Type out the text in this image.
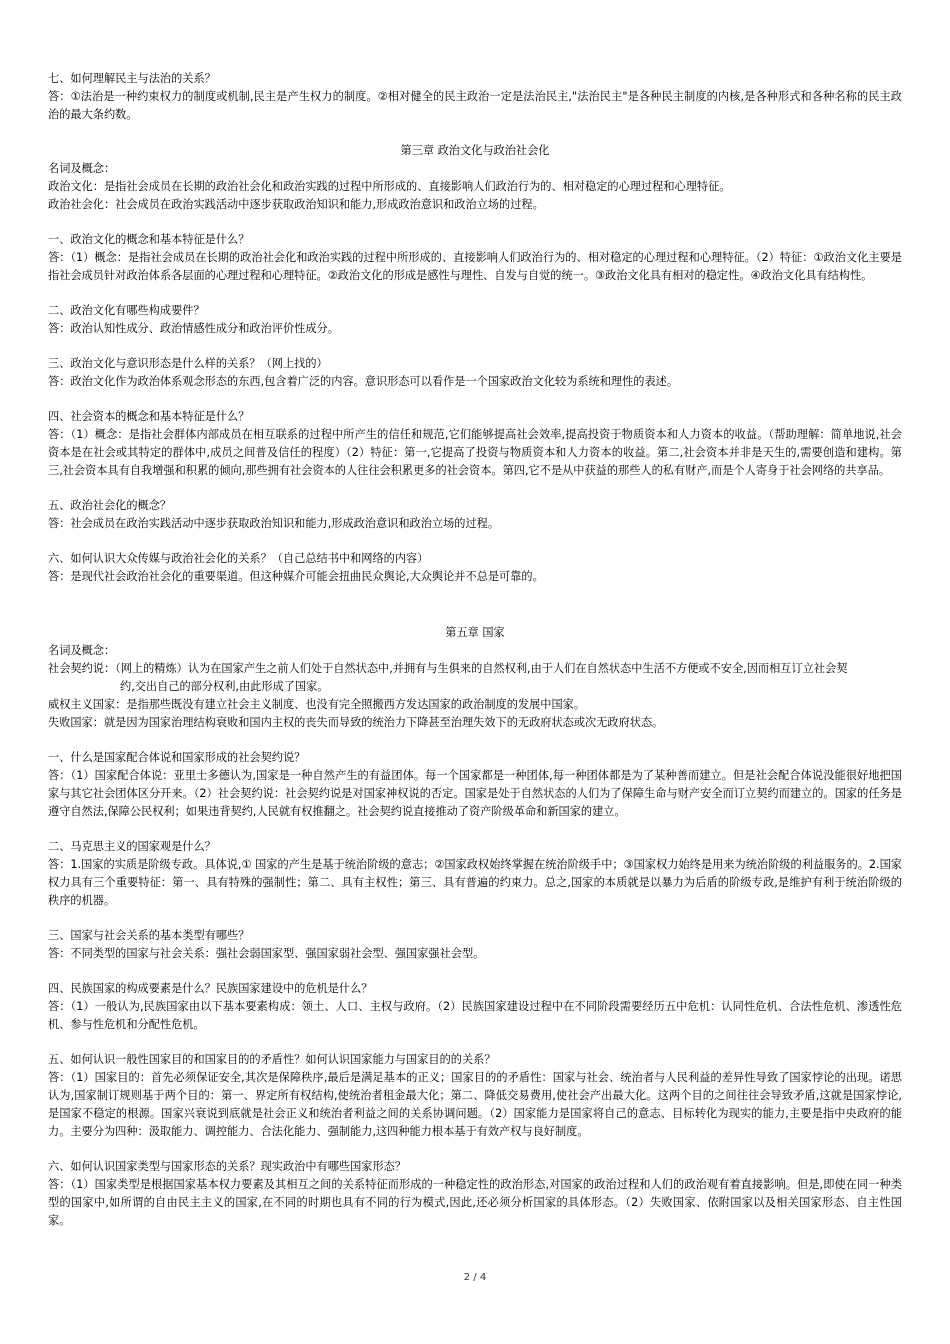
七、如何理解民主与法治的关系？

答：①法治是一种约束权力的制度或机制,民主是产生权力的制度。②相对健全的民主政治一定是法治民主,"法治民主"是各种民主制度的内核,是各种形式和各种名称的民主政治的最大条约数。

第三章 政治文化与政治社会化

名词及概念：

政治文化：是指社会成员在长期的政治社会化和政治实践的过程中所形成的、直接影响人们政治行为的、相对稳定的心理过程和心理特征。

政治社会化：社会成员在政治实践活动中逐步获取政治知识和能力,形成政治意识和政治立场的过程。

一、政治文化的概念和基本特征是什么？

答：（1）概念：是指社会成员在长期的政治社会化和政治实践的过程中所形成的、直接影响人们政治行为的、相对稳定的心理过程和心理特征。（2）特征：①政治文化主要是指社会成员针对政治体系各层面的心理过程和心理特征。②政治文化的形成是感性与理性、自发与自觉的统一。③政治文化具有相对的稳定性。④政治文化具有结构性。

二、政治文化有哪些构成要件？

答：政治认知性成分、政治情感性成分和政治评价性成分。

三、政治文化与意识形态是什么样的关系？（网上找的）

答：政治文化作为政治体系观念形态的东西,包含着广泛的内容。意识形态可以看作是一个国家政治文化较为系统和理性的表述。

四、社会资本的概念和基本特征是什么？

答：（1）概念：是指社会群体内部成员在相互联系的过程中所产生的信任和规范,它们能够提高社会效率,提高投资于物质资本和人力资本的收益。（帮助理解：简单地说,社会资本是在社会或其特定的群体中,成员之间普及信任的程度）（2）特征：第一,它提高了投资与物质资本和人力资本的收益。第二,社会资本并非是天生的,需要创造和建构。第三,社会资本具有自我增强和积累的倾向,那些拥有社会资本的人往往会积累更多的社会资本。第四,它不是从中获益的那些人的私有财产,而是个人寄身于社会网络的共享品。

五、政治社会化的概念？

答：社会成员在政治实践活动中逐步获取政治知识和能力,形成政治意识和政治立场的过程。

六、如何认识大众传媒与政治社会化的关系？（自己总结书中和网络的内容）

答：是现代社会政治社会化的重要渠道。但这种媒介可能会扭曲民众舆论,大众舆论并不总是可靠的。

第五章 国家

名词及概念：

社会契约说：（网上的精炼）认为在国家产生之前人们处于自然状态中,并拥有与生俱来的自然权利,由于人们在自然状态中生活不方便或不安全,因而相互订立社会契

约,交出自己的部分权利,由此形成了国家。

威权主义国家：是指那些既没有建立社会主义制度、也没有完全照搬西方发达国家的政治制度的发展中国家。

失败国家：就是因为国家治理结构衰败和国内主权的丧失而导致的统治力下降甚至治理失效下的无政府状态或次无政府状态。

一、什么是国家配合体说和国家形成的社会契约说？

答：（1）国家配合体说：亚里士多德认为,国家是一种自然产生的有益团体。每一个国家都是一种团体,每一种团体都是为了某种善而建立。但是社会配合体说没能很好地把国家与其它社会团体区分开来。（2）社会契约说：社会契约说是对国家神权说的否定。国家是处于自然状态的人们为了保障生命与财产安全而订立契约而建立的。国家的任务是遵守自然法,保障公民权利；如果违背契约,人民就有权推翻之。社会契约说直接推动了资产阶级革命和新国家的建立。

二、马克思主义的国家观是什么？

答：1.国家的实质是阶级专政。具体说,① 国家的产生是基于统治阶级的意志；②国家政权始终掌握在统治阶级手中；③国家权力始终是用来为统治阶级的利益服务的。2.国家权力具有三个重要特征：第一、具有特殊的强制性；第二、具有主权性；第三、具有普遍的约束力。总之,国家的本质就是以暴力为后盾的阶级专政,是维护有利于统治阶级的秩序的机器。

三、国家与社会关系的基本类型有哪些？

答：不同类型的国家与社会关系：强社会弱国家型、强国家弱社会型、强国家强社会型。

四、民族国家的构成要素是什么？民族国家建设中的危机是什么？

答：（1）一般认为,民族国家由以下基本要素构成：领土、人口、主权与政府。（2）民族国家建设过程中在不同阶段需要经历五中危机：认同性危机、合法性危机、渗透性危机、参与性危机和分配性危机。

五、如何认识一般性国家目的和国家目的的矛盾性？如何认识国家能力与国家目的的关系？

答：（1）国家目的：首先必须保证安全,其次是保障秩序,最后是满足基本的正义；国家目的的矛盾性：国家与社会、统治者与人民利益的差异性导致了国家悖论的出现。诺思认为,国家制订规则基于两个目的：第一、界定所有权结构,使统治者租金最大化；第二、降低交易费用,使社会产出最大化。这两个目的之间往往会导致矛盾,这就是国家悖论,是国家不稳定的根源。国家兴衰说到底就是社会正义和统治者利益之间的关系协调问题。（2）国家能力是国家将自己的意志、目标转化为现实的能力,主要是指中央政府的能力。主要分为四种：汲取能力、调控能力、合法化能力、强制能力,这四种能力根本基于有效产权与良好制度。

六、如何认识国家类型与国家形态的关系？现实政治中有哪些国家形态？

答：（1）国家类型是根据国家基本权力要素及其相互之间的关系特征而形成的一种稳定性的政治形态,对国家的政治过程和人们的政治观有着直接影响。但是,即使在同一种类型的国家中,如所谓的自由民主主义的国家,在不同的时期也具有不同的行为模式,因此,还必须分析国家的具体形态。（2）失败国家、依附国家以及相关国家形态、自主性国家。

2 / 4
